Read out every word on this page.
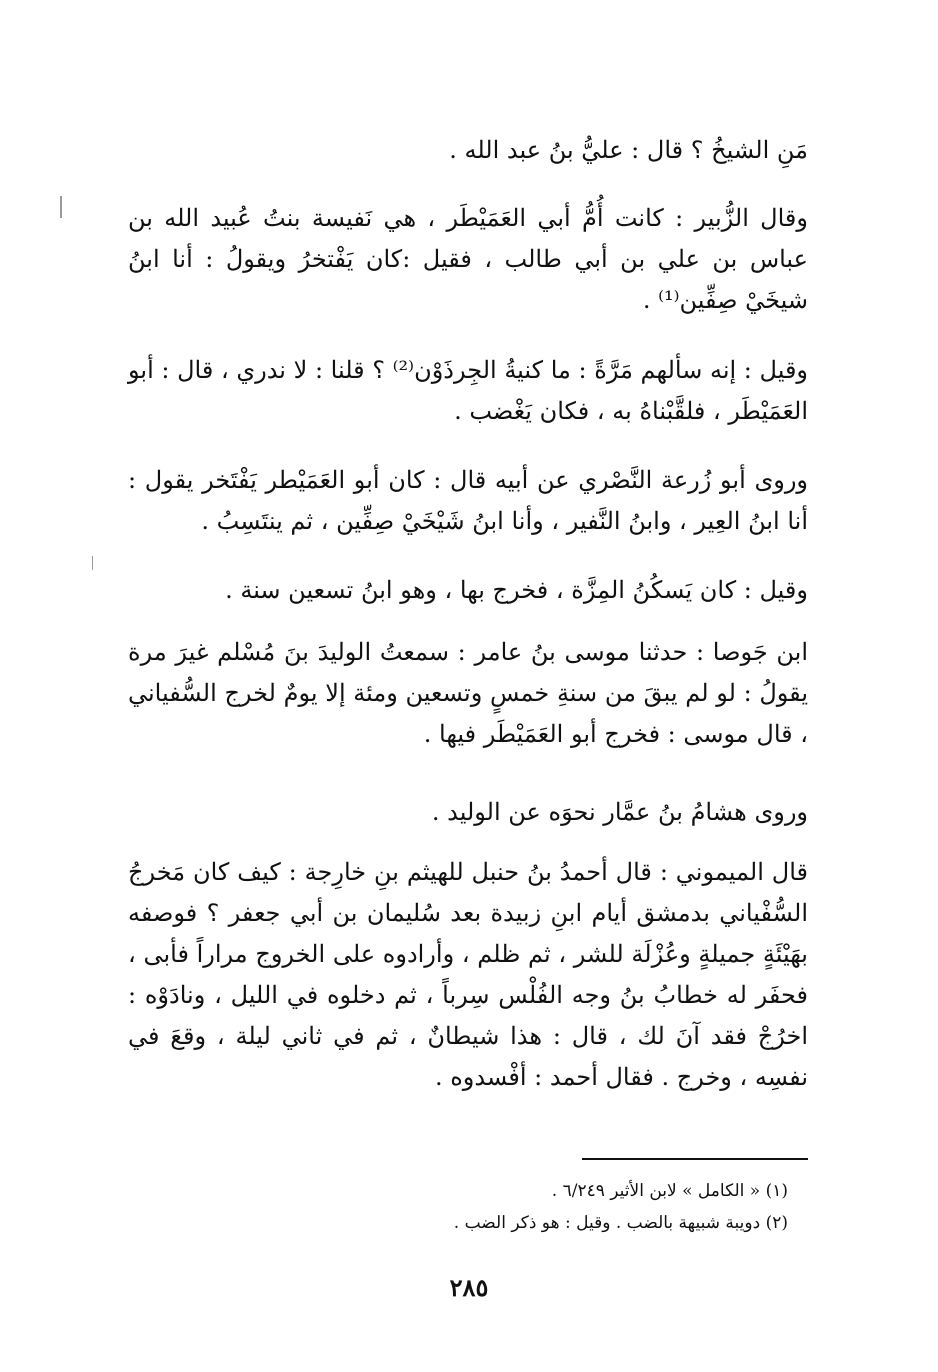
مَنِ الشيخُ ؟ قال : عليُّ بنُ عبد الله .

وقال الزُّبير : كانت أُمُّ أبي العَمَيْطَر ، هي نَفيسة بنتُ عُبيد الله بن عباس بن علي بن أبي طالب ، فقيل :كان يَفْتخرُ ويقولُ : أنا ابنُ شيخَيْ صِفِّين⁽¹⁾ .

وقيل : إنه سألهم مَرَّةً : ما كنيةُ الجِرذَوْن⁽²⁾ ؟ قلنا : لا ندري ، قال : أبو العَمَيْطَر ، فلقَّبْناهُ به ، فكان يَغْضب .

وروى أبو زُرعة النَّصْري عن أبيه قال : كان أبو العَمَيْطر يَفْتَخر يقول : أنا ابنُ العِير ، وابنُ النَّفير ، وأنا ابنُ شَيْخَيْ صِفِّين ، ثم ينتَسِبُ .

وقيل : كان يَسكُنُ المِزَّة ، فخرج بها ، وهو ابنُ تسعين سنة .

ابن جَوصا : حدثنا موسى بنُ عامر : سمعتُ الوليدَ بنَ مُسْلم غيرَ مرة يقولُ : لو لم يبقَ من سنةِ خمسٍ وتسعين ومئة إلا يومٌ لخرج السُّفياني ، قال موسى : فخرج أبو العَمَيْطَر فيها .

وروى هشامُ بنُ عمَّار نحوَه عن الوليد .

قال الميموني : قال أحمدُ بنُ حنبل للهيثم بنِ خارِجة : كيف كان مَخرجُ السُّفْياني بدمشق أيام ابنِ زبيدة بعد سُليمان بن أبي جعفر ؟ فوصفه بهَيْئَةٍ جميلةٍ وعُزْلَة للشر ، ثم ظلم ، وأرادوه على الخروج مراراً فأبى ، فحفَر له خطابُ بنُ وجه الفُلْس سِرباً ، ثم دخلوه في الليل ، ونادَوْه : اخرُجْ فقد آنَ لك ، قال : هذا شيطانٌ ، ثم في ثاني ليلة ، وقعَ في نفسِه ، وخرج . فقال أحمد : أفْسدوه .

(١) « الكامل » لابن الأثير ٦/٢٤٩ .

(٢) دويبة شبيهة بالضب . وقيل : هو ذكر الضب .

٢٨٥
